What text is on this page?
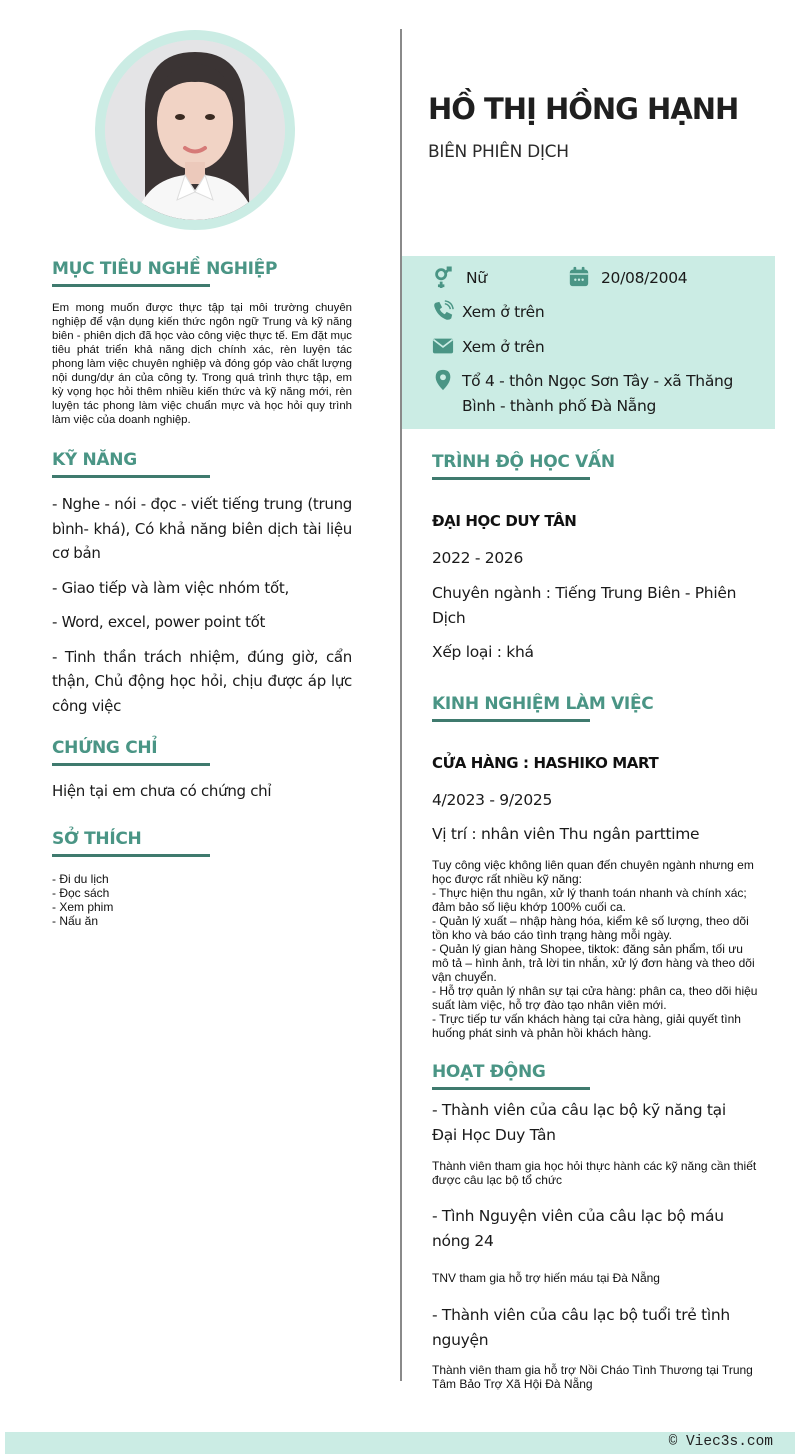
MỤC TIÊU NGHỀ NGHIỆP
Em mong muốn được thực tập tại môi trường chuyên nghiệp để vận dụng kiến thức ngôn ngữ Trung và kỹ năng biên - phiên dịch đã học vào công việc thực tế. Em đặt mục tiêu phát triển khả năng dịch chính xác, rèn luyện tác phong làm việc chuyên nghiệp và đóng góp vào chất lượng nội dung/dự án của công ty. Trong quá trình thực tập, em kỳ vọng học hỏi thêm nhiều kiến thức và kỹ năng mới, rèn luyện tác phong làm việc chuẩn mực và học hỏi quy trình làm việc của doanh nghiệp.
KỸ NĂNG

- Nghe - nói - đọc - viết tiếng trung (trung bình- khá), Có khả năng biên dịch tài liệu cơ bản

- Giao tiếp và làm việc nhóm tốt,

- Word, excel, power point tốt

- Tinh thần trách nhiệm, đúng giờ, cẩn thận, Chủ động học hỏi, chịu được áp lực công việc

CHỨNG CHỈ
Hiện tại em chưa có chứng chỉ
SỞ THÍCH
- Đi du lịch
- Đọc sách
- Xem phim
- Nấu ăn
HỒ THỊ HỒNG HẠNH
BIÊN PHIÊN DỊCH
Nữ	20/08/2004
Xem ở trên
Xem ở trên
Tổ 4 - thôn Ngọc Sơn Tây - xã Thăng
Bình - thành phố Đà Nẵng
TRÌNH ĐỘ HỌC VẤN
ĐẠI HỌC DUY TÂN
2022 - 2026
Chuyên ngành : Tiếng Trung Biên - Phiên Dịch
Xếp loại : khá
KINH NGHIỆM LÀM VIỆC
CỬA HÀNG : HASHIKO MART
4/2023 - 9/2025
Vị trí : nhân viên Thu ngân parttime
Tuy công việc không liên quan đến chuyên ngành nhưng em học được rất nhiều kỹ năng:
- Thực hiện thu ngân, xử lý thanh toán nhanh và chính xác; đảm bảo số liệu khớp 100% cuối ca.
- Quản lý xuất – nhập hàng hóa, kiểm kê số lượng, theo dõi tồn kho và báo cáo tình trạng hàng mỗi ngày.
- Quản lý gian hàng Shopee, tiktok: đăng sản phẩm, tối ưu mô tả – hình ảnh, trả lời tin nhắn, xử lý đơn hàng và theo dõi vận chuyển.
- Hỗ trợ quản lý nhân sự tại cửa hàng: phân ca, theo dõi hiệu suất làm việc, hỗ trợ đào tạo nhân viên mới.
- Trực tiếp tư vấn khách hàng tại cửa hàng, giải quyết tình huống phát sinh và phản hồi khách hàng.
HOẠT ĐỘNG
- Thành viên của câu lạc bộ kỹ năng tại Đại Học Duy Tân
Thành viên tham gia học hỏi thực hành các kỹ năng cần thiết được câu lạc bộ tổ chức
- Tình Nguyện viên của câu lạc bộ máu nóng 24
TNV tham gia hỗ trợ hiến máu tại Đà Nẵng
- Thành viên của câu lạc bộ tuổi trẻ tình nguyện
Thành viên tham gia hỗ trợ Nồi Cháo Tình Thương tại Trung Tâm Bảo Trợ Xã Hội Đà Nẵng
© Viec3s.com
